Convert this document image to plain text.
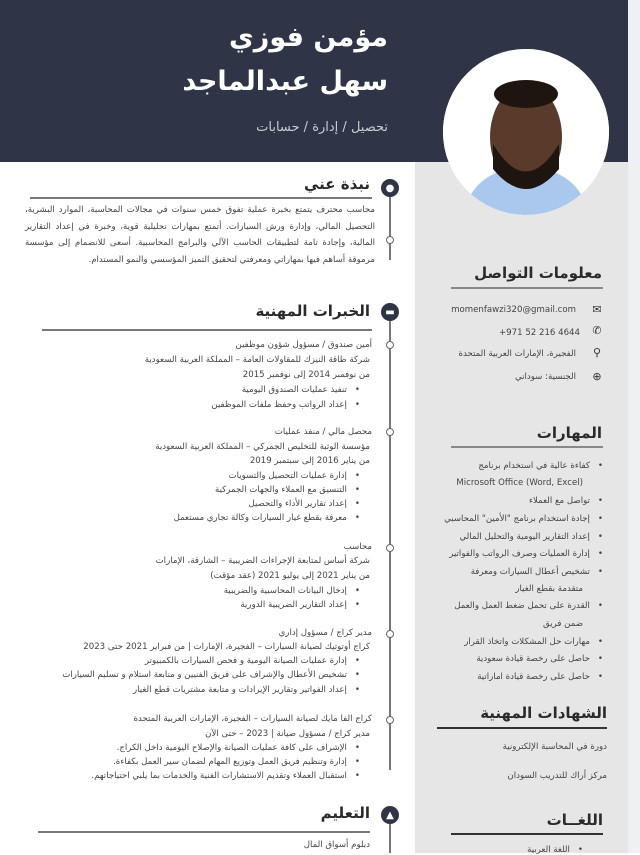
مؤمن فوزي
سهل عبدالماجد
تحصيل / إدارة / حسابات
●
نبذة عني
محاسب محترف يتمتع بخبرة عملية تفوق خمس سنوات في مجالات المحاسبة، الموارد البشرية، التحصيل المالي، وإدارة ورش السيارات. أتمتع بمهارات تحليلية قوية، وخبرة في إعداد التقارير المالية، وإجادة تامة لتطبيقات الحاسب الآلي والبرامج المحاسبية. أسعى للانضمام إلى مؤسسة مرموقة أساهم فيها بمهاراتي ومعرفتي لتحقيق التميز المؤسسي والنمو المستدام.
▬
الخبرات المهنية
أمين صندوق / مسؤول شؤون موظفين
شركة طاقة النيزك للمقاولات العامة – المملكة العربية السعودية
من نوفمبر 2014 إلى نوفمبر 2015
• تنفيذ عمليات الصندوق اليومية
• إعداد الرواتب وحفظ ملفات الموظفين
محصل مالي / منفذ عمليات
مؤسسة الوثبة للتخليص الجمركي – المملكة العربية السعودية
من يناير 2016 إلى سبتمبر 2019
• إدارة عمليات التحصيل والتسويات
• التنسيق مع العملاء والجهات الجمركية
• إعداد تقارير الأداء والتحصيل
• معرفة بقطع غيار السيارات وكالة تجاري مستعمل
محاسب
شركة أساس لمتابعة الإجراءات الضريبية – الشارقة، الإمارات
من يناير 2021 إلى يوليو 2021 (عقد مؤقت)
• إدخال البيانات المحاسبية والضريبية
• إعداد التقارير الضريبية الدورية
مدير كراج / مسؤول إداري
كراج أوتوتيك لصيانة السيارات – الفجيرة، الإمارات | من فبراير 2021 حتى 2023
• إدارة عمليات الصيانة اليومية و فحص السيارات بالكمبيوتر
• تشخيص الأعطال والإشراف على فريق الفنيين و متابعة استلام و تسليم السيارات
• إعداد الفواتير وتقارير الإيرادات و متابعة مشتريات قطع الغيار
كراج الفا مايك لصيانة السيارات – الفجيرة، الإمارات العربية المتحدة
مدير كراج / مسؤول صيانة | 2023 – حتى الآن
• الإشراف على كافة عمليات الصيانة والإصلاح اليومية داخل الكراج.
• إدارة وتنظيم فريق العمل وتوزيع المهام لضمان سير العمل بكفاءة.
• استقبال العملاء وتقديم الاستشارات الفنية والخدمات بما يلبي احتياجاتهم.
▲
التعليم
دبلوم أسواق المال
معلومات التواصل
✉
momenfawzi320@gmail.com
✆
+971 52 216 4644
⚲
الفجيرة، الإمارات العربية المتحدة
⊕
الجنسية: سوداني
المهارات
• كفاءة عالية في استخدام برنامج
Microsoft Office (Word, Excel)
• تواصل مع العملاء
• إجادة استخدام برنامج "الأمين" المحاسبي
• إعداد التقارير اليومية والتحليل المالي
• إدارة العمليات وصرف الرواتب والفواتير
• تشخيص أعطال السيارات ومعرفة
متقدمة بقطع الغيار
• القدرة على تحمل ضغط العمل والعمل
ضمن فريق
• مهارات حل المشكلات واتخاذ القرار
• حاصل على رخصة قيادة سعودية
• حاصل على رخصة قيادة اماراتية
الشهادات المهنية
دورة في المحاسبة الإلكترونية
مركز أراك للتدريب السودان
اللغــات
• اللغة العربية
